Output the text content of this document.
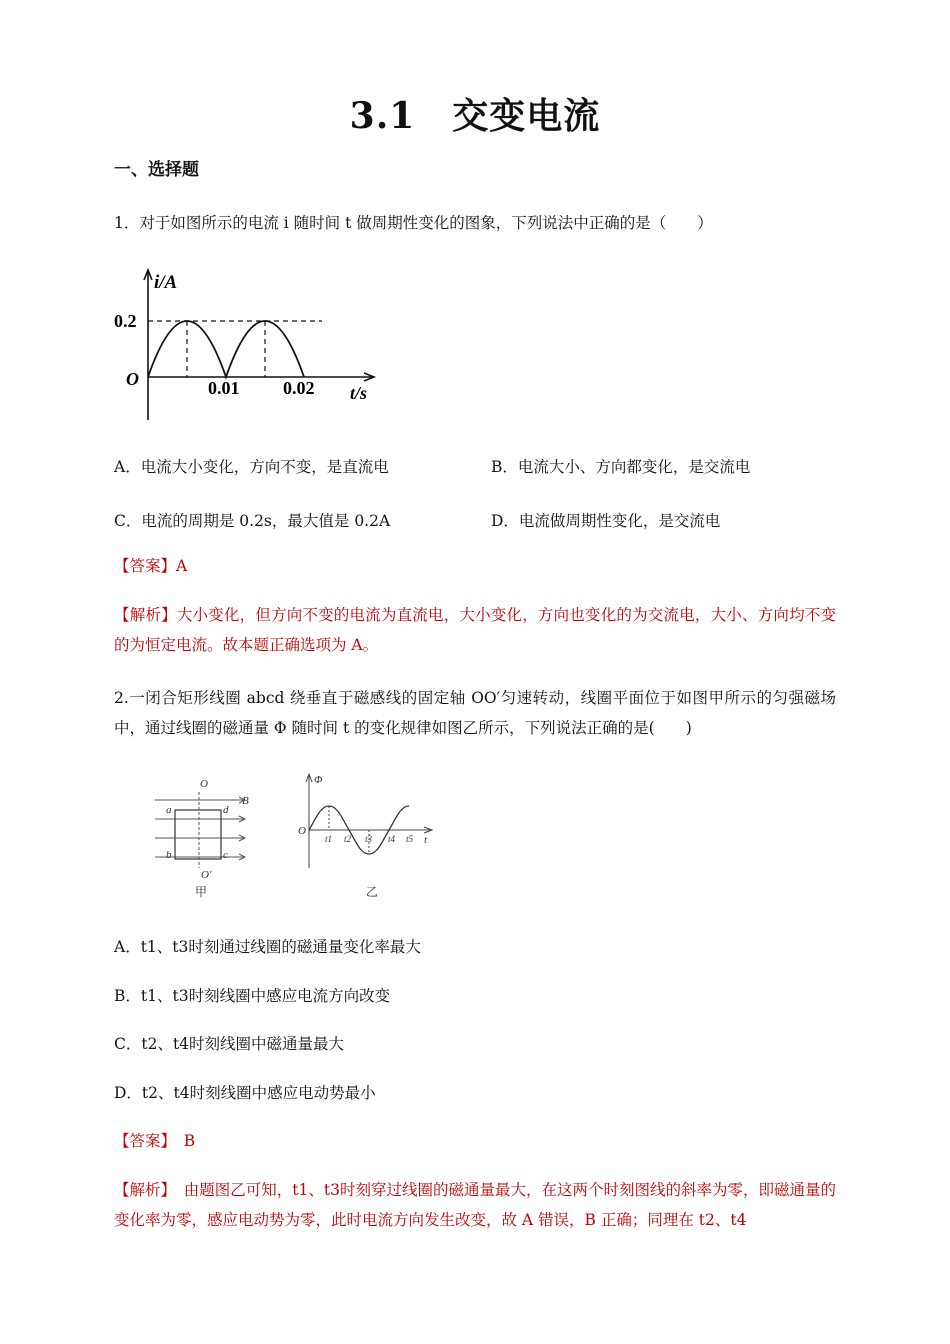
3.1　交变电流
一、选择题
1．对于如图所示的电流 i 随时间 t 做周期性变化的图象，下列说法中正确的是（　　）
i/A
0.2
O	0.01 0.02 t/s
A．电流大小变化，方向不变，是直流电	B．电流大小、方向都变化，是交流电
C．电流的周期是 0.2s，最大值是 0.2A	D．电流做周期性变化，是交流电
【答案】A
【解析】大小变化，但方向不变的电流为直流电，大小变化，方向也变化的为交流电，大小、方向均不变的为恒定电流。故本题正确选项为 A。
2.一闭合矩形线圈 abcd 绕垂直于磁感线的固定轴 OO′匀速转动，线圈平面位于如图甲所示的匀强磁场中，通过线圈的磁通量 Φ 随时间 t 的变化规律如图乙所示，下列说法正确的是(　　)
O
B
a	d
b	c
O′
甲
Φ
O
t
t1 t2 t3 t4 t5
乙
A．t1、t3时刻通过线圈的磁通量变化率最大
B．t1、t3时刻线圈中感应电流方向改变
C．t2、t4时刻线圈中磁通量最大
D．t2、t4时刻线圈中感应电动势最小
【答案】　B
【解析】　由题图乙可知，t1、t3时刻穿过线圈的磁通量最大，在这两个时刻图线的斜率为零，即磁通量的变化率为零，感应电动势为零，此时电流方向发生改变，故 A 错误，B 正确；同理在 t2、t4
